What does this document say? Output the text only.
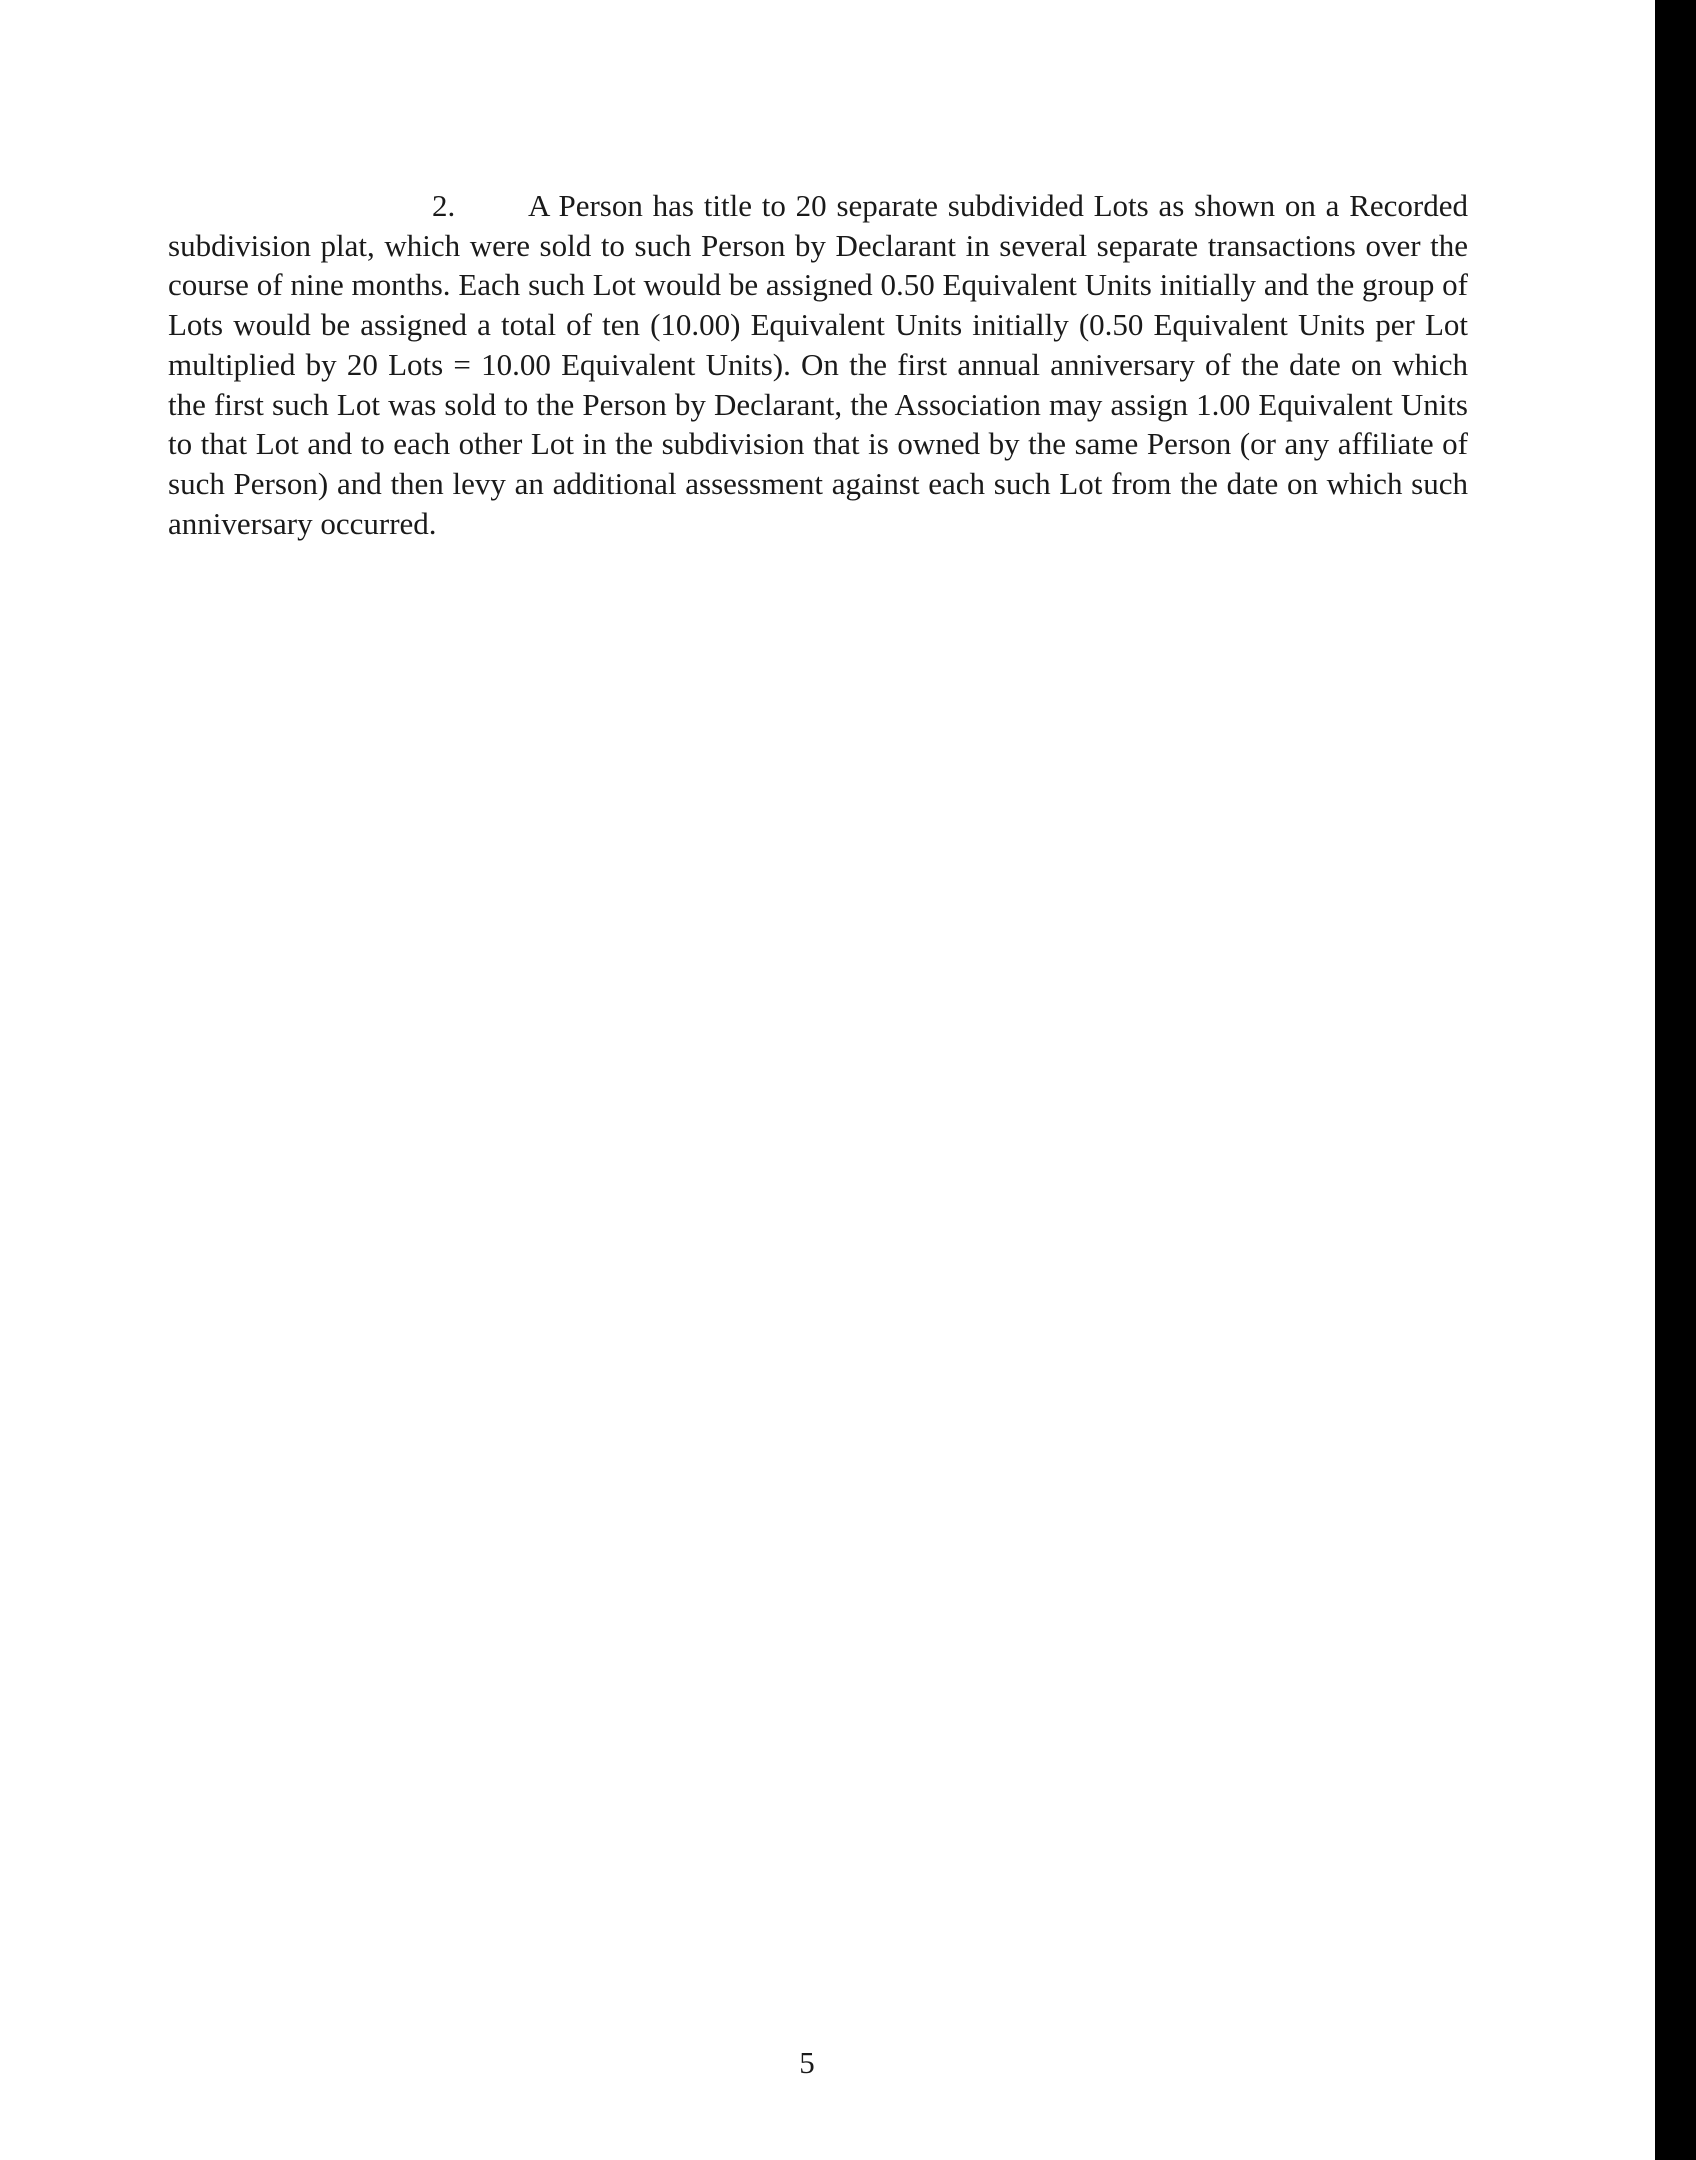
2. A Person has title to 20 separate subdivided Lots as shown on a Recorded subdivision plat, which were sold to such Person by Declarant in several separate transactions over the course of nine months. Each such Lot would be assigned 0.50 Equivalent Units initially and the group of Lots would be assigned a total of ten (10.00) Equivalent Units initially (0.50 Equivalent Units per Lot multiplied by 20 Lots = 10.00 Equivalent Units). On the first annual anniversary of the date on which the first such Lot was sold to the Person by Declarant, the Association may assign 1.00 Equivalent Units to that Lot and to each other Lot in the subdivision that is owned by the same Person (or any affiliate of such Person) and then levy an additional assessment against each such Lot from the date on which such anniversary occurred.

5
